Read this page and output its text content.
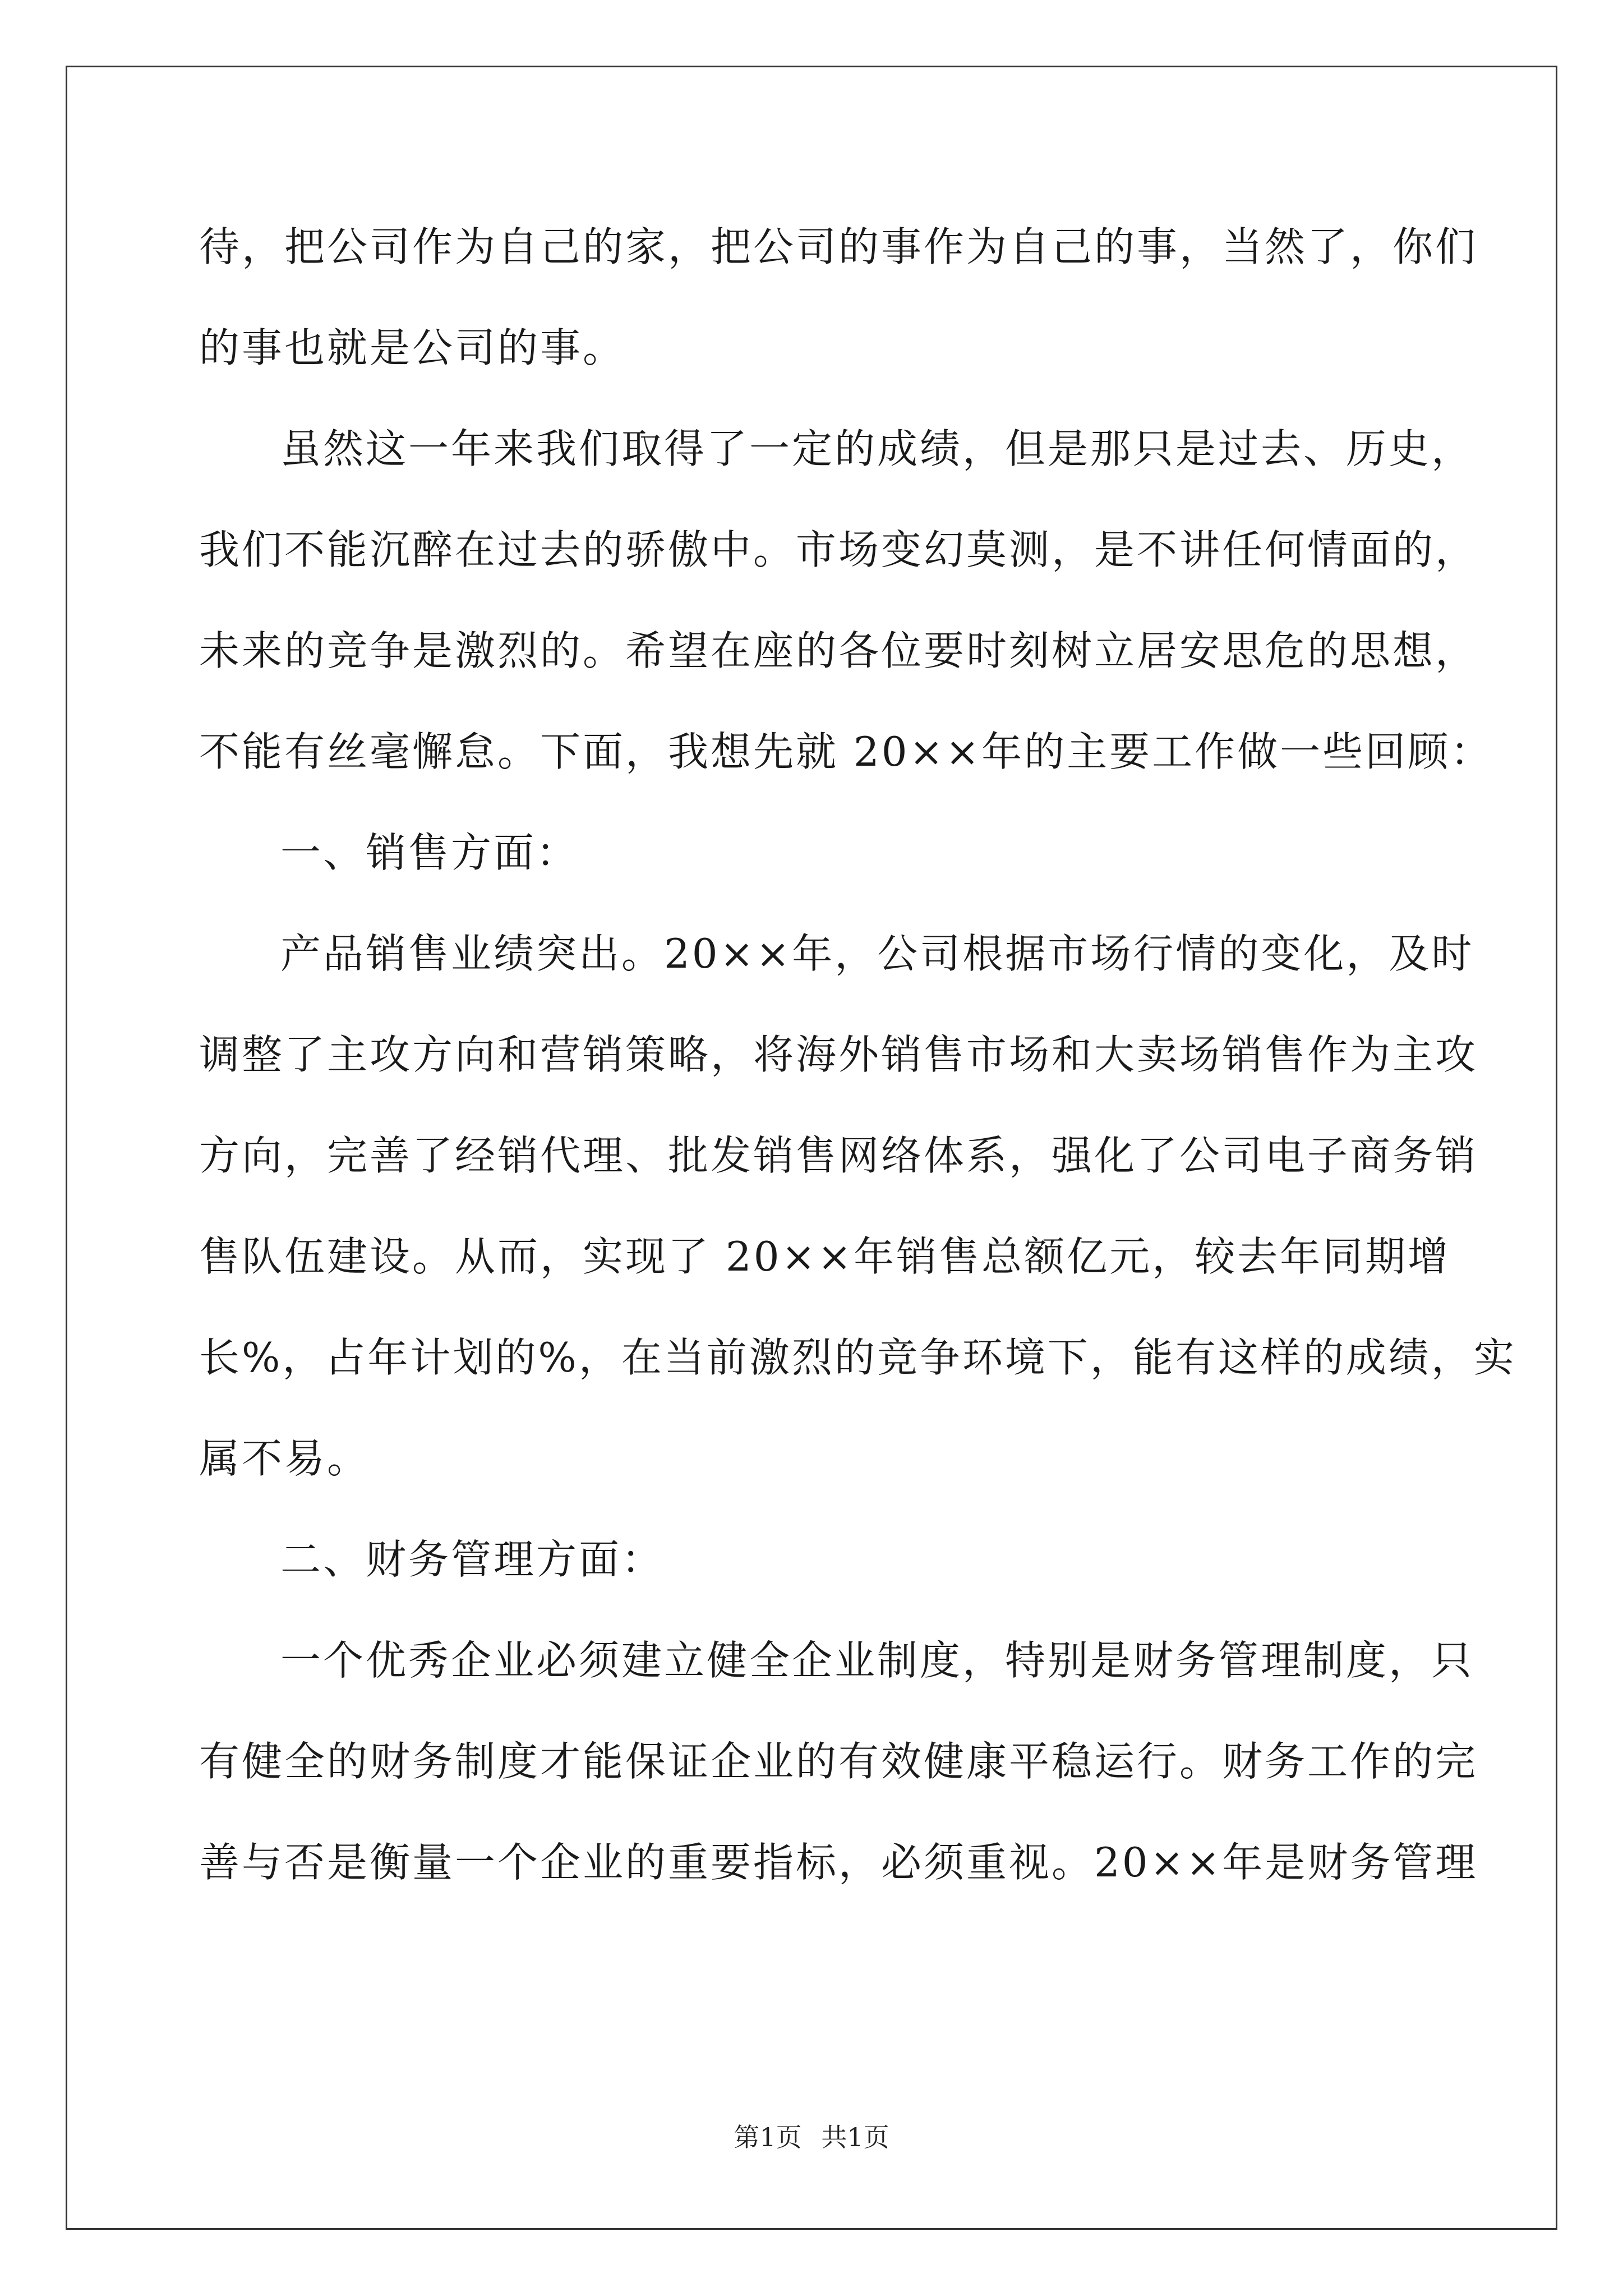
待，把公司作为自己的家，把公司的事作为自己的事，当然了，你们
的事也就是公司的事。
虽然这一年来我们取得了一定的成绩，但是那只是过去、历史，
我们不能沉醉在过去的骄傲中。市场变幻莫测，是不讲任何情面的，
未来的竞争是激烈的。希望在座的各位要时刻树立居安思危的思想，
不能有丝毫懈怠。下面，我想先就 20××年的主要工作做一些回顾：
一、销售方面：
产品销售业绩突出。20××年，公司根据市场行情的变化，及时
调整了主攻方向和营销策略，将海外销售市场和大卖场销售作为主攻
方向，完善了经销代理、批发销售网络体系，强化了公司电子商务销
售队伍建设。从而，实现了 20××年销售总额亿元，较去年同期增
长%，占年计划的%，在当前激烈的竞争环境下，能有这样的成绩，实
属不易。
二、财务管理方面：
一个优秀企业必须建立健全企业制度，特别是财务管理制度，只
有健全的财务制度才能保证企业的有效健康平稳运行。财务工作的完
善与否是衡量一个企业的重要指标，必须重视。20××年是财务管理
第1页 共1页
